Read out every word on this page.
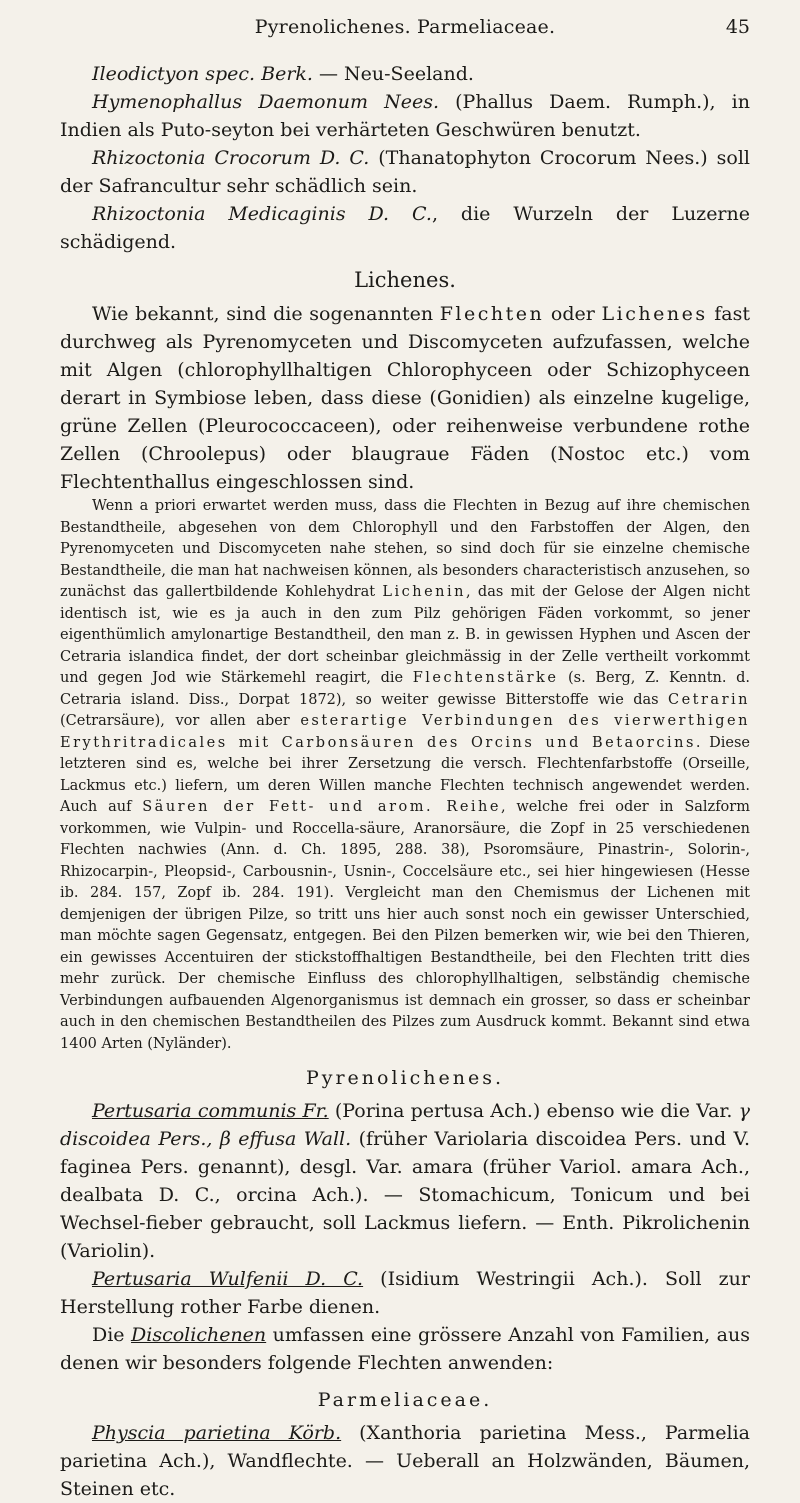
Pyrenolichenes. Parmeliaceae.	45

Ileodictyon spec. Berk. — Neu-Seeland.

Hymenophallus Daemonum Nees. (Phallus Daem. Rumph.), in Indien als Puto-seyton bei verhärteten Geschwüren benutzt.

Rhizoctonia Crocorum D. C. (Thanatophyton Crocorum Nees.) soll der Safrancultur sehr schädlich sein.

Rhizoctonia Medicaginis D. C., die Wurzeln der Luzerne schädigend.

Lichenes.

Wie bekannt, sind die sogenannten Flechten oder Lichenes fast durchweg als Pyrenomyceten und Discomyceten aufzufassen, welche mit Algen (chlorophyllhaltigen Chlorophyceen oder Schizophyceen derart in Symbiose leben, dass diese (Gonidien) als einzelne kugelige, grüne Zellen (Pleurococcaceen), oder reihenweise verbundene rothe Zellen (Chroolepus) oder blaugraue Fäden (Nostoc etc.) vom Flechtenthallus eingeschlossen sind.

Wenn a priori erwartet werden muss, dass die Flechten in Bezug auf ihre chemischen Bestandtheile, abgesehen von dem Chlorophyll und den Farbstoffen der Algen, den Pyrenomyceten und Discomyceten nahe stehen, so sind doch für sie einzelne chemische Bestandtheile, die man hat nachweisen können, als besonders characteristisch anzusehen, so zunächst das gallertbildende Kohlehydrat Lichenin, das mit der Gelose der Algen nicht identisch ist, wie es ja auch in den zum Pilz gehörigen Fäden vorkommt, so jener eigenthümlich amylonartige Bestandtheil, den man z. B. in gewissen Hyphen und Ascen der Cetraria islandica findet, der dort scheinbar gleichmässig in der Zelle vertheilt vorkommt und gegen Jod wie Stärkemehl reagirt, die Flechtenstärke (s. Berg, Z. Kenntn. d. Cetraria island. Diss., Dorpat 1872), so weiter gewisse Bitterstoffe wie das Cetrarin (Cetrarsäure), vor allen aber esterartige Verbindungen des vierwerthigen Erythritradicales mit Carbonsäuren des Orcins und Betaorcins. Diese letzteren sind es, welche bei ihrer Zersetzung die versch. Flechtenfarbstoffe (Orseille, Lackmus etc.) liefern, um deren Willen manche Flechten technisch angewendet werden. Auch auf Säuren der Fett- und arom. Reihe, welche frei oder in Salzform vorkommen, wie Vulpin- und Roccella-säure, Aranorsäure, die Zopf in 25 verschiedenen Flechten nachwies (Ann. d. Ch. 1895, 288. 38), Psoromsäure, Pinastrin-, Solorin-, Rhizocarpin-, Pleopsid-, Carbousnin-, Usnin-, Coccelsäure etc., sei hier hingewiesen (Hesse ib. 284. 157, Zopf ib. 284. 191). Vergleicht man den Chemismus der Lichenen mit demjenigen der übrigen Pilze, so tritt uns hier auch sonst noch ein gewisser Unterschied, man möchte sagen Gegensatz, entgegen. Bei den Pilzen bemerken wir, wie bei den Thieren, ein gewisses Accentuiren der stickstoffhaltigen Bestandtheile, bei den Flechten tritt dies mehr zurück. Der chemische Einfluss des chlorophyllhaltigen, selbständig chemische Verbindungen aufbauenden Algenorganismus ist demnach ein grosser, so dass er scheinbar auch in den chemischen Bestandtheilen des Pilzes zum Ausdruck kommt. Bekannt sind etwa 1400 Arten (Nyländer).

Pyrenolichenes.

Pertusaria communis Fr. (Porina pertusa Ach.) ebenso wie die Var. γ discoidea Pers., β effusa Wall. (früher Variolaria discoidea Pers. und V. faginea Pers. genannt), desgl. Var. amara (früher Variol. amara Ach., dealbata D. C., orcina Ach.). — Stomachicum, Tonicum und bei Wechsel-fieber gebraucht, soll Lackmus liefern. — Enth. Pikrolichenin (Variolin).

Pertusaria Wulfenii D. C. (Isidium Westringii Ach.). Soll zur Herstellung rother Farbe dienen.

Die Discolichenen umfassen eine grössere Anzahl von Familien, aus denen wir besonders folgende Flechten anwenden:

Parmeliaceae.

Physcia parietina Körb. (Xanthoria parietina Mess., Parmelia parietina Ach.), Wandflechte. — Ueberall an Holzwänden, Bäumen, Steinen etc.
